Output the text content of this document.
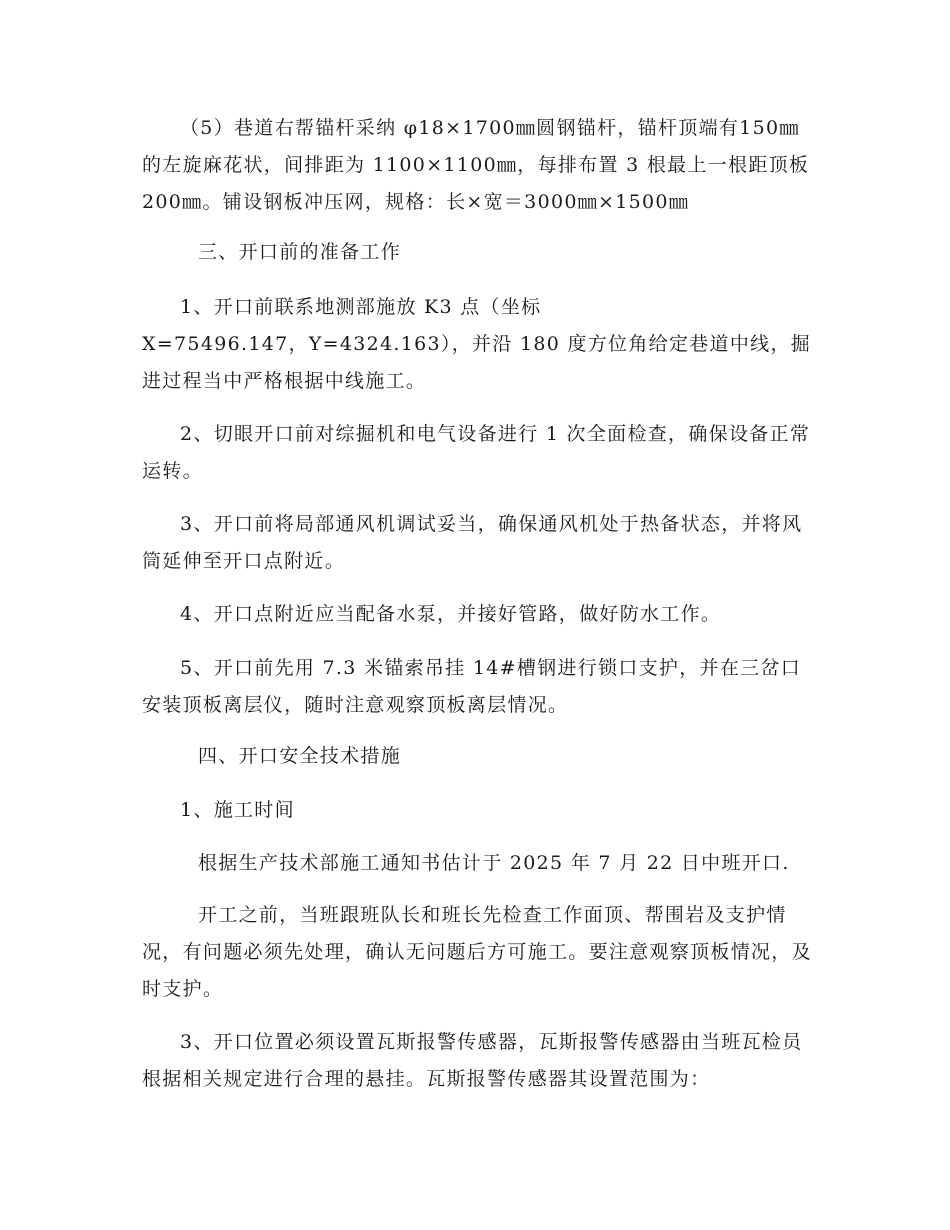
（5）巷道右帮锚杆采纳 φ18×1700㎜圆钢锚杆，锚杆顶端有150㎜的左旋麻花状，间排距为 1100×1100㎜，每排布置 3 根最上一根距顶板 200㎜。铺设钢板冲压网，规格：长×宽＝3000㎜×1500㎜

三、开口前的准备工作

1、开口前联系地测部施放 K3 点（坐标

X=75496.147，Y=4324.163），并沿 180 度方位角给定巷道中线，掘进过程当中严格根据中线施工。

2、切眼开口前对综掘机和电气设备进行 1 次全面检查，确保设备正常运转。

3、开口前将局部通风机调试妥当，确保通风机处于热备状态，并将风筒延伸至开口点附近。

4、开口点附近应当配备水泵，并接好管路，做好防水工作。

5、开口前先用 7.3 米锚索吊挂 14#槽钢进行锁口支护，并在三岔口安装顶板离层仪，随时注意观察顶板离层情况。

四、开口安全技术措施

1、施工时间

根据生产技术部施工通知书估计于 2025 年 7 月 22 日中班开口.

开工之前，当班跟班队长和班长先检查工作面顶、帮围岩及支护情况，有问题必须先处理，确认无问题后方可施工。要注意观察顶板情况，及时支护。

3、开口位置必须设置瓦斯报警传感器，瓦斯报警传感器由当班瓦检员根据相关规定进行合理的悬挂。瓦斯报警传感器其设置范围为：
